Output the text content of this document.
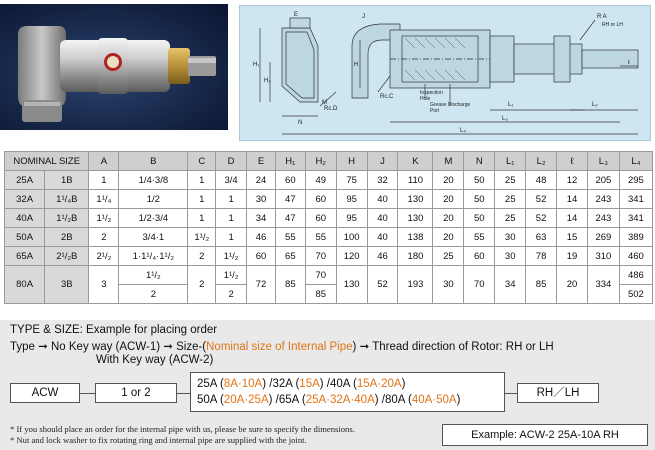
R A
RH or LH
Rc.D
Rc.C
Inspection
Hole
Grease Discharge
Port
E
H₁
H₂
H
J
M
N
L₁	L₂
L₃
L₄
ℓ
NOMINAL SIZE		A	B	C	D	E	H₁	H₂	H	J	K	M	N	L₁	L₂	ℓ	L₃	L₄
25A	1B	1	1/4·3/8	1	3/4	24	60	49	75	32	110	20	50	25	48	12	205	295
32A	1¹/₄B	1¹/₄	1/2	1	1	30	47	60	95	40	130	20	50	25	52	14	243	341
40A	1¹/₂B	1¹/₂	1/2·3/4	1	1	34	47	60	95	40	130	20	50	25	52	14	243	341
50A	2B	2	3/4·1	1¹/₂	1	46	55	55	100	40	138	20	55	30	63	15	269	389
65A	2¹/₂B	2¹/₂	1·1¹/₄·1¹/₂	2	1¹/₂	60	65	70	120	46	180	25	60	30	78	19	310	460
80A	3B	3	1¹/₂	2	1¹/₂	72	85	70	130	52	193	30	70	34	85	20	334	486
			2		2			85										502
TYPE & SIZE: Example for placing order
Type ➞ No Key way (ACW-1) ➞ Size-(Nominal size of Internal Pipe) ➞ Thread direction of Rotor: RH or LH
With Key way (ACW-2)
ACW	1 or 2
25A (8A·10A) /32A (15A) /40A (15A·20A)
50A (20A·25A) /65A (25A·32A·40A) /80A (40A·50A)
RH／LH
* If you should place an order for the internal pipe with us, please be sure to specify the dimensions.
* Nut and lock washer to fix rotating ring and internal pipe are supplied with the joint.	Example: ACW-2 25A-10A RH
